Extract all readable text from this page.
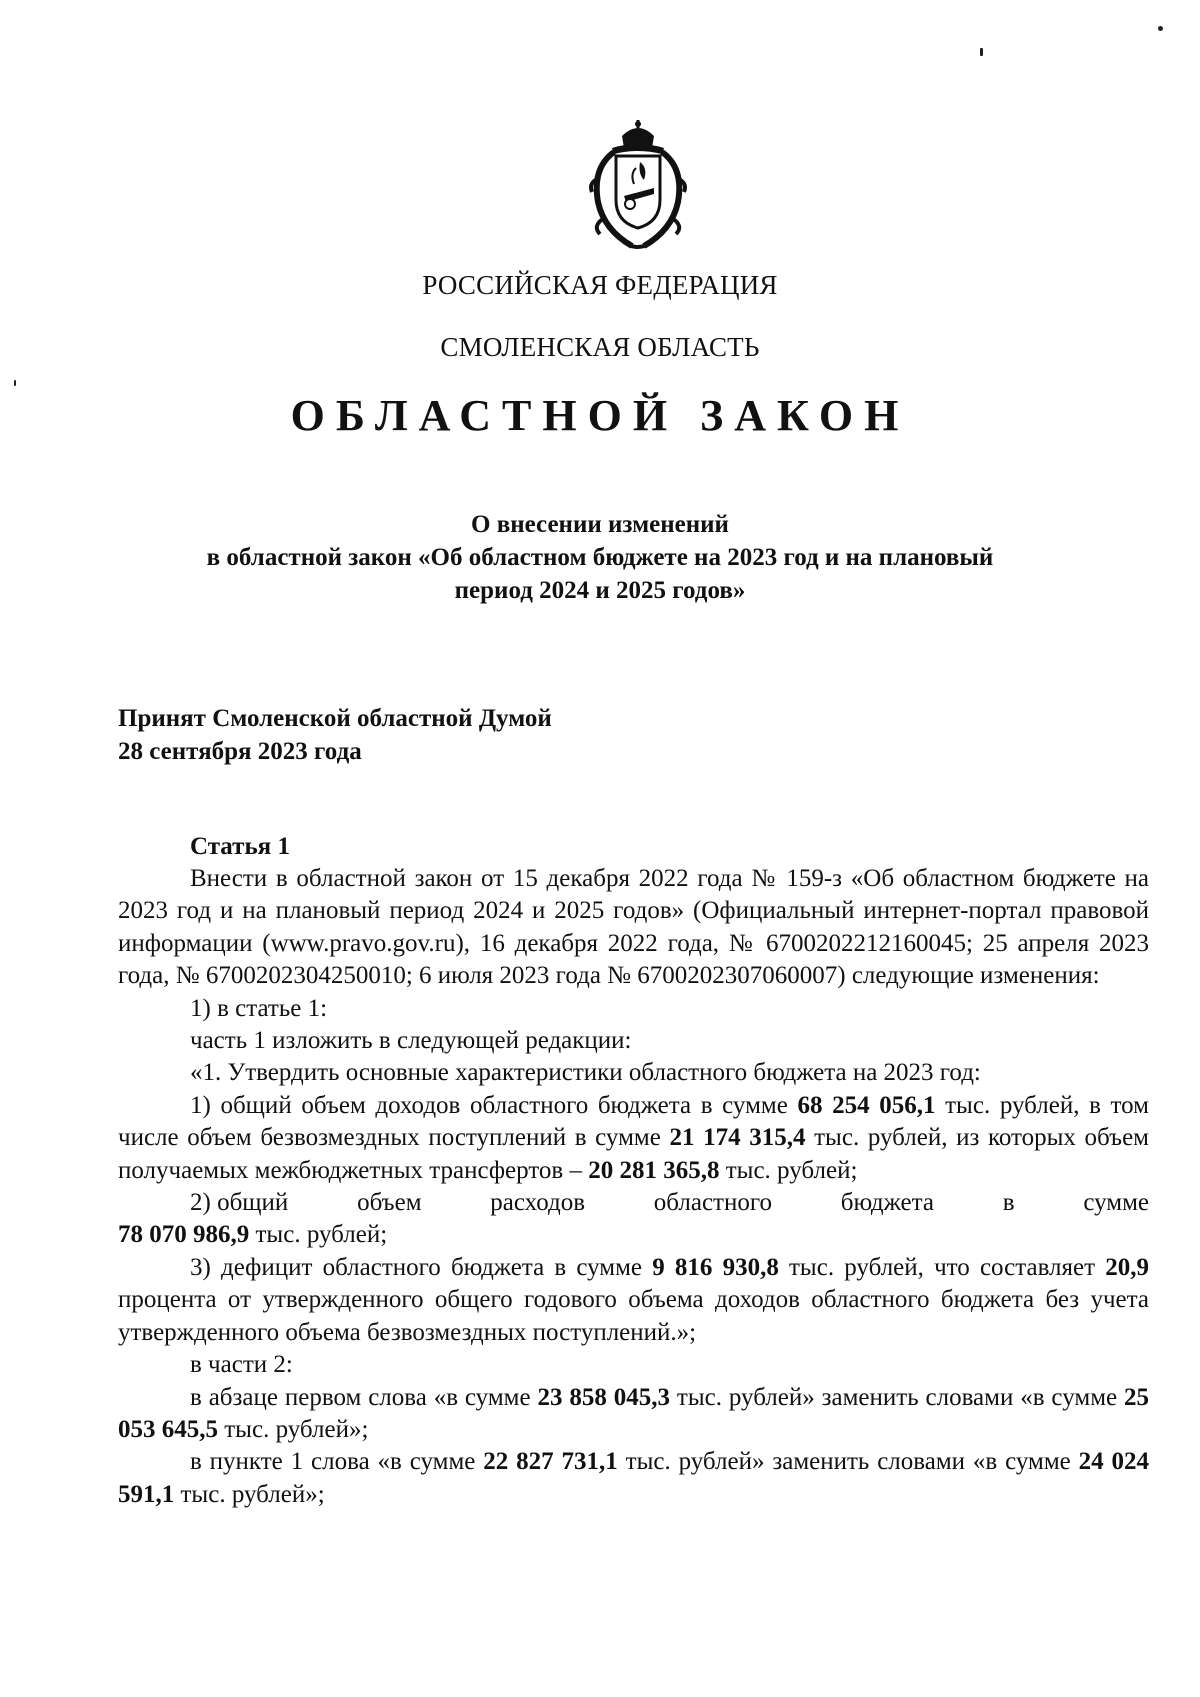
РОССИЙСКАЯ ФЕДЕРАЦИЯ
СМОЛЕНСКАЯ ОБЛАСТЬ
ОБЛАСТНОЙ ЗАКОН
О внесении изменений
в областной закон «Об областном бюджете на 2023 год и на плановый
период 2024 и 2025 годов»
Принят Смоленской областной Думой
28 сентября 2023 года
Статья 1

Внести в областной закон от 15 декабря 2022 года № 159-з «Об областном бюджете на 2023 год и на плановый период 2024 и 2025 годов» (Официальный интернет-портал правовой информации (www.pravo.gov.ru), 16 декабря 2022 года, № 6700202212160045; 25 апреля 2023 года, № 6700202304250010; 6 июля 2023 года № 6700202307060007) следующие изменения:

1) в статье 1:

часть 1 изложить в следующей редакции:

«1. Утвердить основные характеристики областного бюджета на 2023 год:

1) общий объем доходов областного бюджета в сумме 68 254 056,1 тыс. рублей, в том числе объем безвозмездных поступлений в сумме 21 174 315,4 тыс. рублей, из которых объем получаемых межбюджетных трансфертов – 20 281 365,8 тыс. рублей;

2) общий	объем	расходов	областного	бюджета	в	сумме
78 070 986,9 тыс. рублей;

3) дефицит областного бюджета в сумме 9 816 930,8 тыс. рублей, что составляет 20,9 процента от утвержденного общего годового объема доходов областного бюджета без учета утвержденного объема безвозмездных поступлений.»;

в части 2:

в абзаце первом слова «в сумме 23 858 045,3 тыс. рублей» заменить словами «в сумме 25 053 645,5 тыс. рублей»;

в пункте 1 слова «в сумме 22 827 731,1 тыс. рублей» заменить словами «в сумме 24 024 591,1 тыс. рублей»;
